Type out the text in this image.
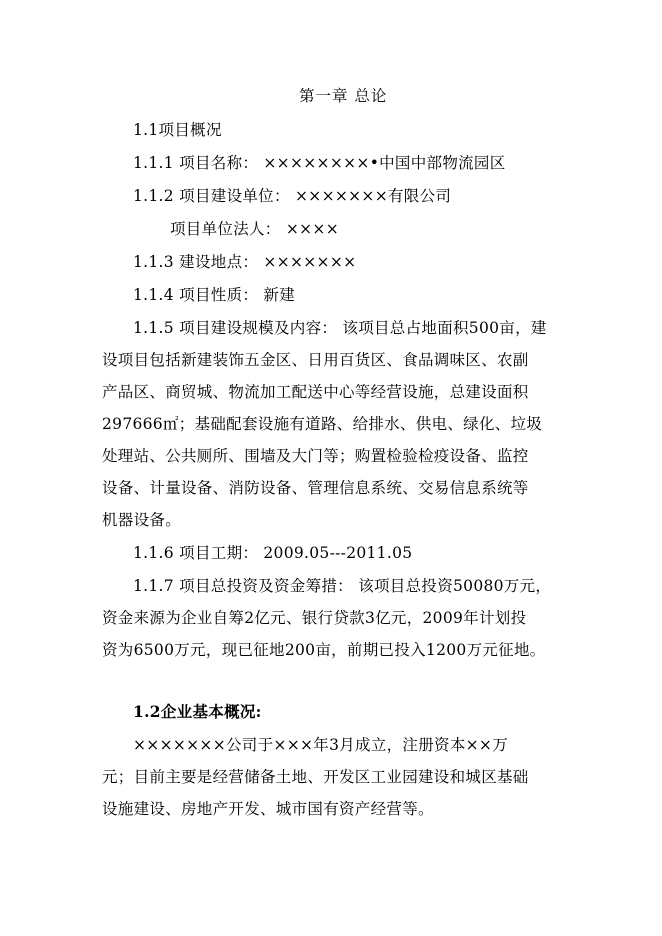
第一章 总论
1.1项目概况
1.1.1 项目名称： ××××××××•中国中部物流园区
1.1.2 项目建设单位： ×××××××有限公司
项目单位法人： ××××
1.1.3 建设地点： ×××××××
1.1.4 项目性质： 新建
1.1.5 项目建设规模及内容： 该项目总占地面积500亩，建
设项目包括新建装饰五金区、日用百货区、食品调味区、农副
产品区、商贸城、物流加工配送中心等经营设施，总建设面积
297666㎡；基础配套设施有道路、给排水、供电、绿化、垃圾
处理站、公共厕所、围墙及大门等；购置检验检疫设备、监控
设备、计量设备、消防设备、管理信息系统、交易信息系统等
机器设备。
1.1.6 项目工期： 2009.05---2011.05
1.1.7 项目总投资及资金筹措： 该项目总投资50080万元，
资金来源为企业自筹2亿元、银行贷款3亿元，2009年计划投
资为6500万元，现已征地200亩，前期已投入1200万元征地。
1.2企业基本概况:
×××××××公司于×××年3月成立，注册资本××万
元；目前主要是经营储备土地、开发区工业园建设和城区基础
设施建设、房地产开发、城市国有资产经营等。
